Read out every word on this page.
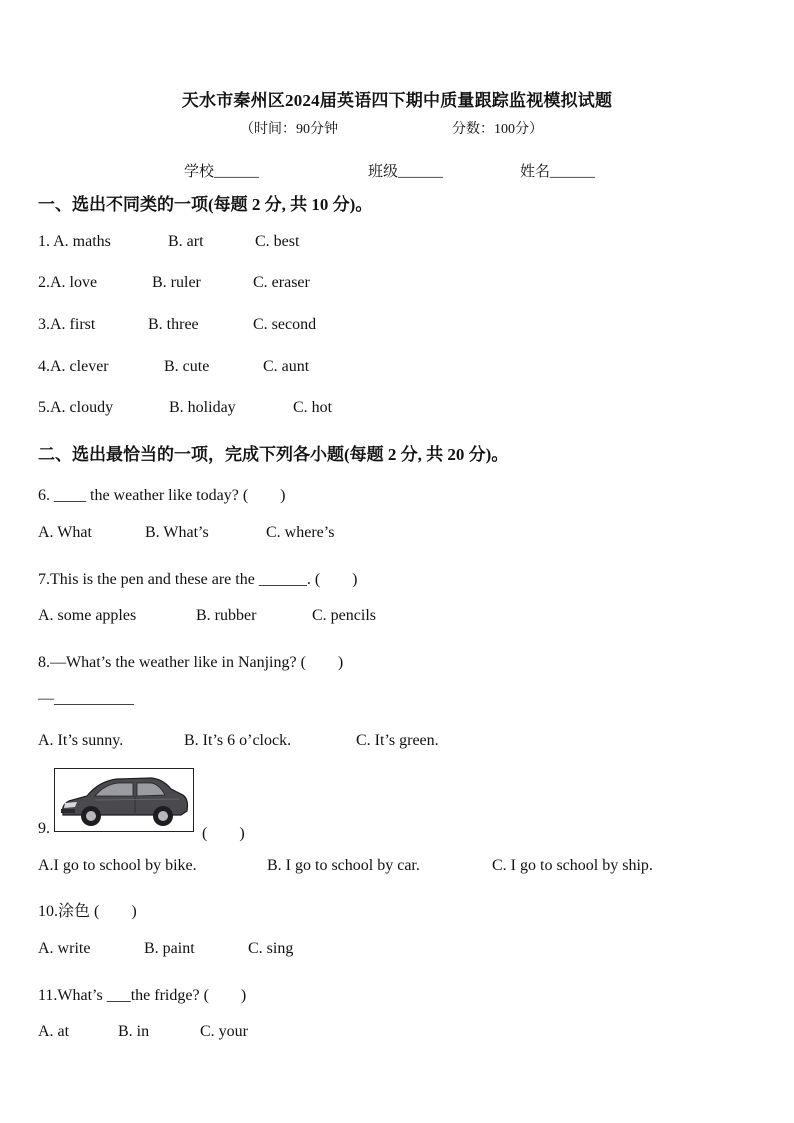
天水市秦州区2024届英语四下期中质量跟踪监视模拟试题
（时间：90分钟	分数：100分）
学校______	班级______	姓名______
一、选出不同类的一项(每题 2 分, 共 10 分)。
1. A. maths	B. art	C. best
2.A. love	B. ruler	C. eraser
3.A. first	B. three	C. second
4.A. clever	B. cute	C. aunt
5.A. cloudy	B. holiday	C. hot
二、选出最恰当的一项，完成下列各小题(每题 2 分, 共 20 分)。
6. ____ the weather like today? (　　)
A. What	B. What’s	C. where’s
7.This is the pen and these are the ______. (　　)
A. some apples	B. rubber	C. pencils
8.—What’s the weather like in Nanjing? (　　)
—__________
A. It’s sunny.	B. It’s 6 o’clock.	C. It’s green.
9.	(　　)
A.I go to school by bike.	B. I go to school by car.	C. I go to school by ship.
10.涂色 (　　)
A. write	B. paint	C. sing
11.What’s ___the fridge? (　　)
A. at	B. in	C. your
